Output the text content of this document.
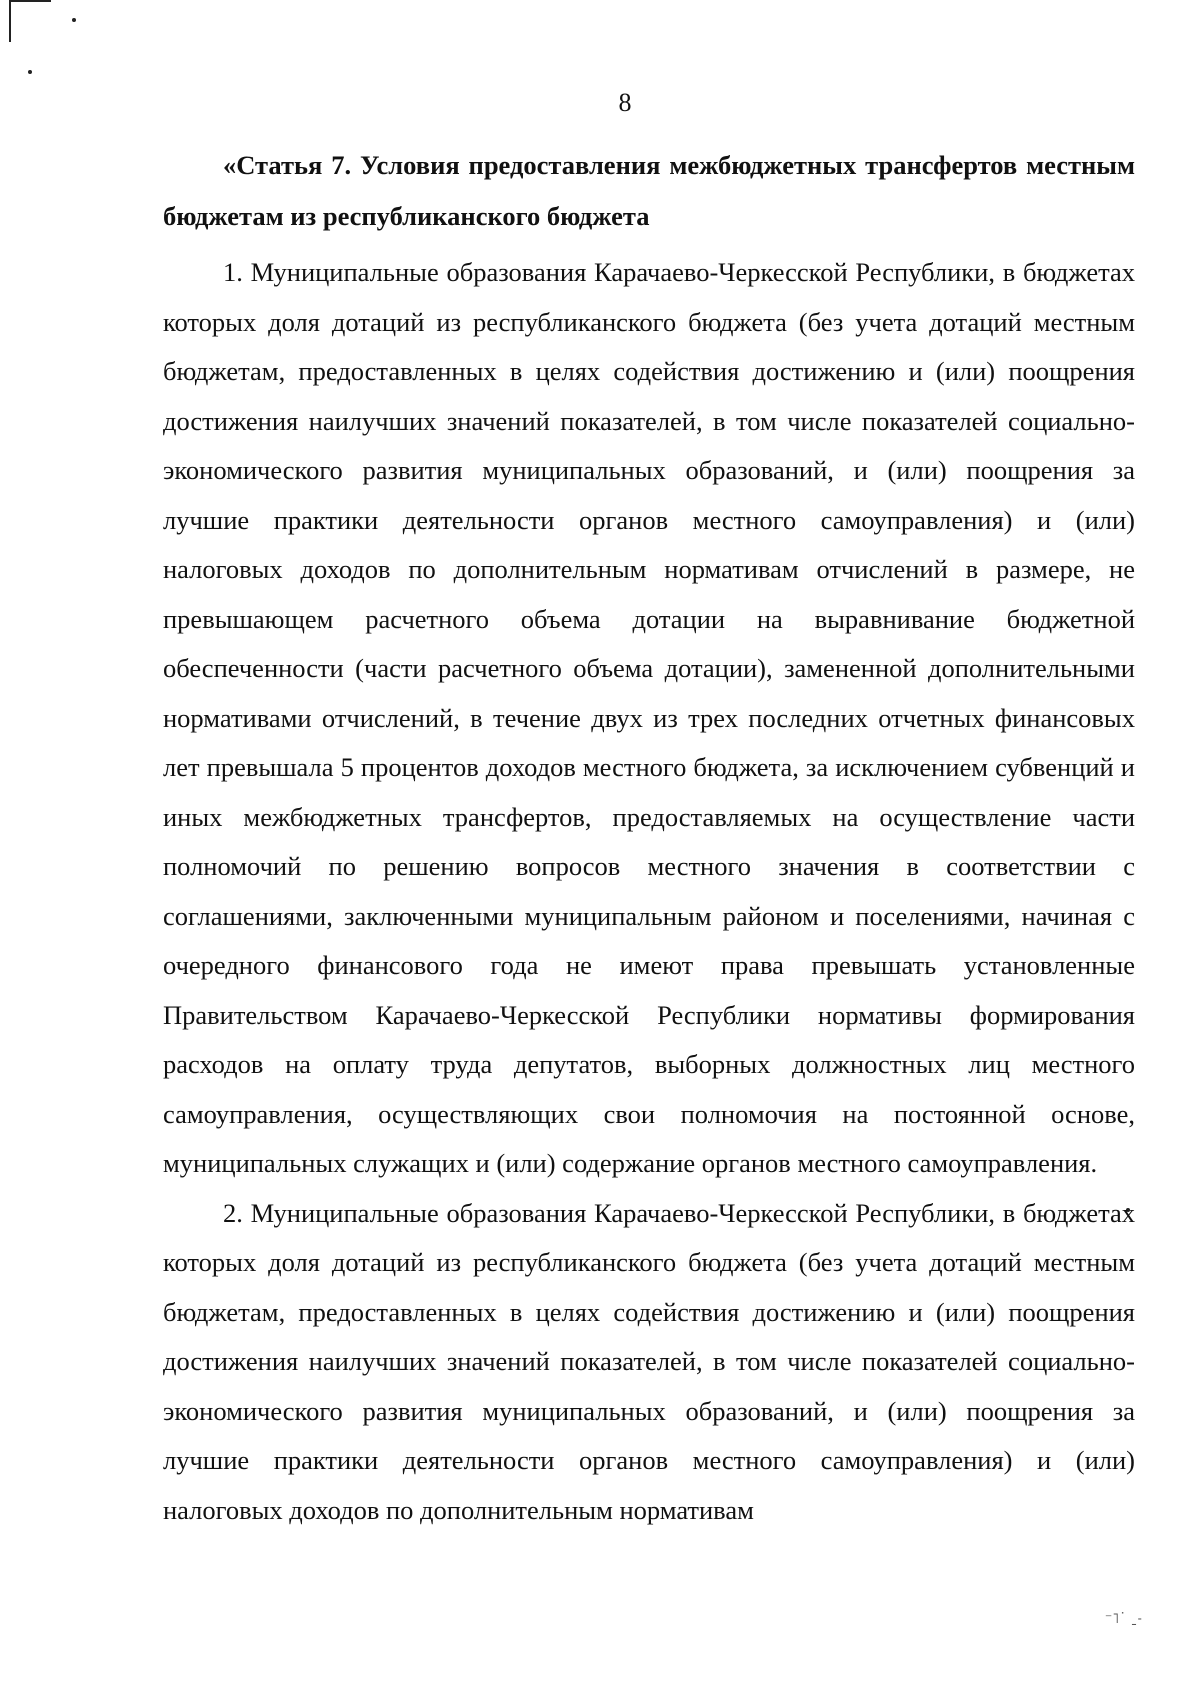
⁻˥˙ ˍ˗
8

«Статья 7. Условия предоставления межбюджетных трансфертов местным бюджетам из республиканского бюджета

1. Муниципальные образования Карачаево-Черкесской Республики, в бюджетах которых доля дотаций из республиканского бюджета (без учета дотаций местным бюджетам, предоставленных в целях содействия достижению и (или) поощрения достижения наилучших значений показателей, в том числе показателей социально-экономического развития муниципальных образований, и (или) поощрения за лучшие практики деятельности органов местного самоуправления) и (или) налоговых доходов по дополнительным нормативам отчислений в размере, не превышающем расчетного объема дотации на выравнивание бюджетной обеспеченности (части расчетного объема дотации), замененной дополнительными нормативами отчислений, в течение двух из трех последних отчетных финансовых лет превышала 5 процентов доходов местного бюджета, за исключением субвенций и иных межбюджетных трансфертов, предоставляемых на осуществление части полномочий по решению вопросов местного значения в соответствии с соглашениями, заключенными муниципальным районом и поселениями, начиная с очередного финансового года не имеют права превышать установленные Правительством Карачаево-Черкесской Республики нормативы формирования расходов на оплату труда депутатов, выборных должностных лиц местного самоуправления, осуществляющих свои полномочия на постоянной основе, муниципальных служащих и (или) содержание органов местного самоуправления.

2. Муниципальные образования Карачаево-Черкесской Республики, в бюджетах которых доля дотаций из республиканского бюджета (без учета дотаций местным бюджетам, предоставленных в целях содействия достижению и (или) поощрения достижения наилучших значений показателей, в том числе показателей социально-экономического развития муниципальных образований, и (или) поощрения за лучшие практики деятельности органов местного самоуправления) и (или) налоговых доходов по дополнительным нормативам
